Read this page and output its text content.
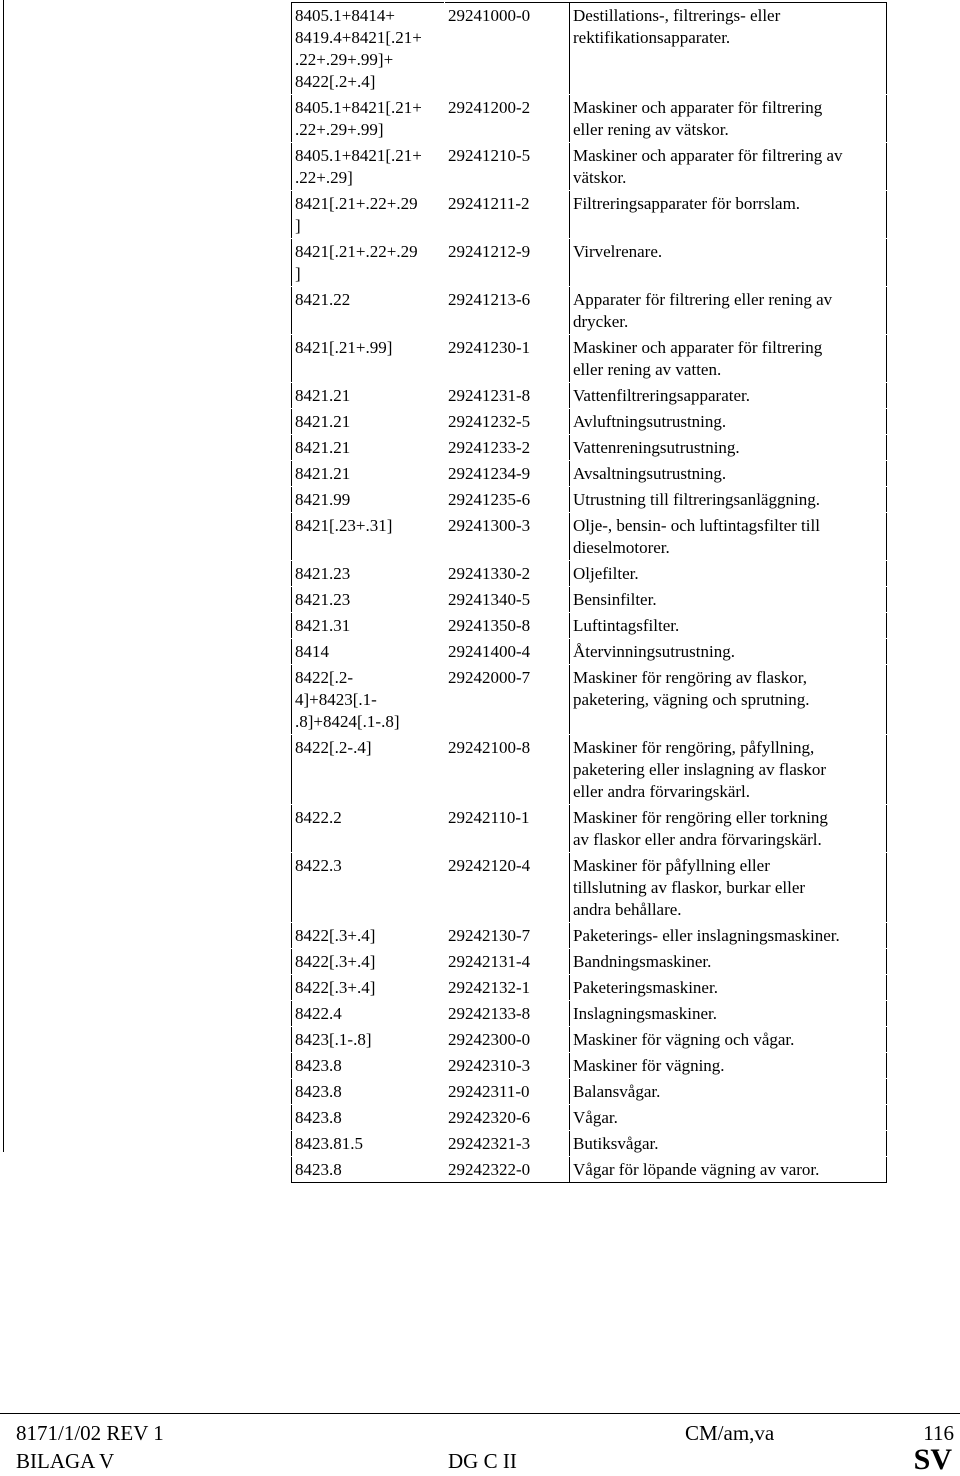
8405.1+8414+
8419.4+8421[.21+
.22+.29+.99]+
8422[.2+.4]	29241000-0	Destillations-, filtrerings- eller
rektifikationsapparater.
8405.1+8421[.21+
.22+.29+.99]	29241200-2	Maskiner och apparater för filtrering
eller rening av vätskor.
8405.1+8421[.21+
.22+.29]	29241210-5	Maskiner och apparater för filtrering av
vätskor.
8421[.21+.22+.29
]	29241211-2	Filtreringsapparater för borrslam.
8421[.21+.22+.29
]	29241212-9	Virvelrenare.
8421.22	29241213-6	Apparater för filtrering eller rening av
drycker.
8421[.21+.99]	29241230-1	Maskiner och apparater för filtrering
eller rening av vatten.
8421.21	29241231-8	Vattenfiltreringsapparater.
8421.21	29241232-5	Avluftningsutrustning.
8421.21	29241233-2	Vattenreningsutrustning.
8421.21	29241234-9	Avsaltningsutrustning.
8421.99	29241235-6	Utrustning till filtreringsanläggning.
8421[.23+.31]	29241300-3	Olje-, bensin- och luftintagsfilter till
dieselmotorer.
8421.23	29241330-2	Oljefilter.
8421.23	29241340-5	Bensinfilter.
8421.31	29241350-8	Luftintagsfilter.
8414	29241400-4	Återvinningsutrustning.
8422[.2-
4]+8423[.1-
.8]+8424[.1-.8]	29242000-7	Maskiner för rengöring av flaskor,
paketering, vägning och sprutning.
8422[.2-.4]	29242100-8	Maskiner för rengöring, påfyllning,
paketering eller inslagning av flaskor
eller andra förvaringskärl.
8422.2	29242110-1	Maskiner för rengöring eller torkning
av flaskor eller andra förvaringskärl.
8422.3	29242120-4	Maskiner för påfyllning eller
tillslutning av flaskor, burkar eller
andra behållare.
8422[.3+.4]	29242130-7	Paketerings- eller inslagningsmaskiner.
8422[.3+.4]	29242131-4	Bandningsmaskiner.
8422[.3+.4]	29242132-1	Paketeringsmaskiner.
8422.4	29242133-8	Inslagningsmaskiner.
8423[.1-.8]	29242300-0	Maskiner för vägning och vågar.
8423.8	29242310-3	Maskiner för vägning.
8423.8	29242311-0	Balansvågar.
8423.8	29242320-6	Vågar.
8423.81.5	29242321-3	Butiksvågar.
8423.8	29242322-0	Vågar för löpande vägning av varor.
8171/1/02 REV 1
BILAGA V	DG C II
CM/am,va	116
SV
